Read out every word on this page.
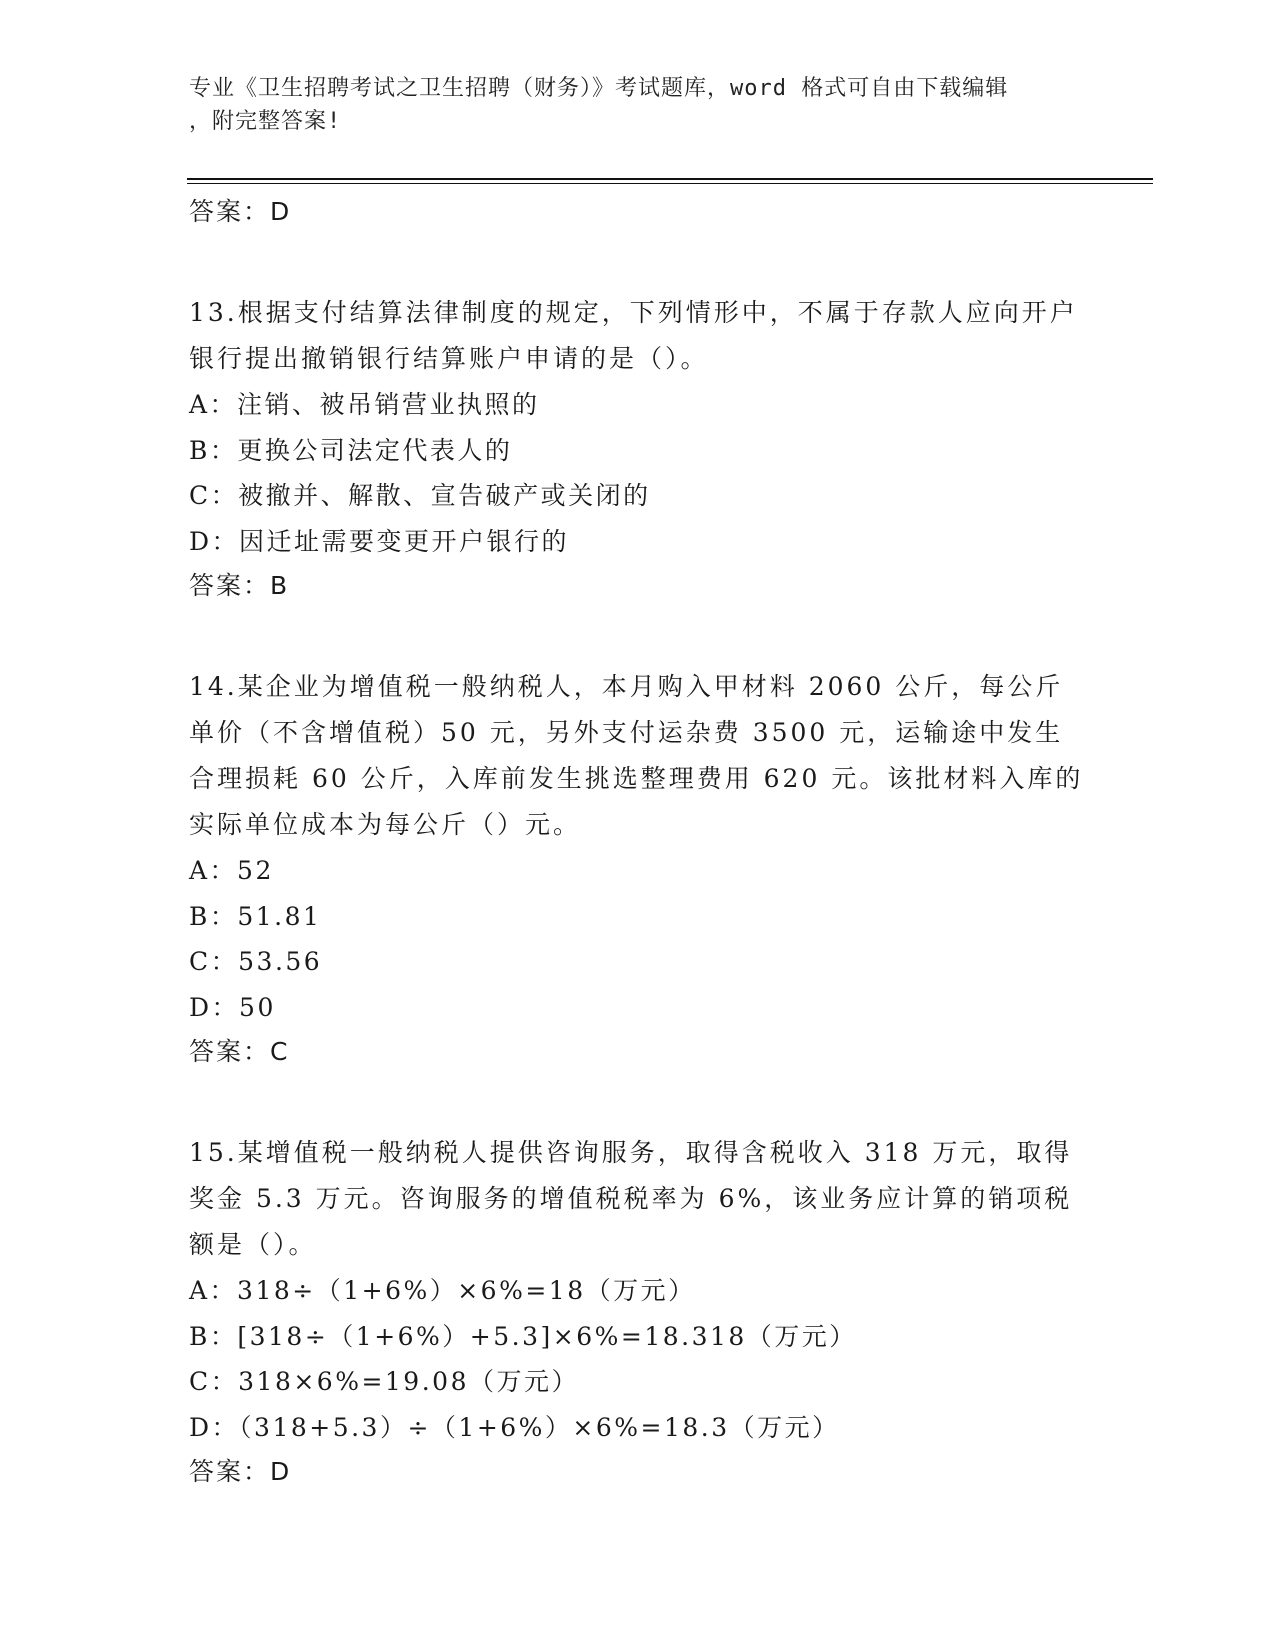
专业《卫生招聘考试之卫生招聘（财务）》考试题库，word 格式可自由下载编辑
，附完整答案!
答案：D

13.根据支付结算法律制度的规定，下列情形中，不属于存款人应向开户银行提出撤销银行结算账户申请的是（）。

A：注销、被吊销营业执照的
B：更换公司法定代表人的
C：被撤并、解散、宣告破产或关闭的
D：因迁址需要变更开户银行的
答案：B

14.某企业为增值税一般纳税人，本月购入甲材料 2060 公斤，每公斤单价（不含增值税）50 元，另外支付运杂费 3500 元，运输途中发生合理损耗 60 公斤，入库前发生挑选整理费用 620 元。该批材料入库的实际单位成本为每公斤（）元。

A：52
B：51.81
C：53.56
D：50
答案：C

15.某增值税一般纳税人提供咨询服务，取得含税收入 318 万元，取得奖金 5.3 万元。咨询服务的增值税税率为 6%，该业务应计算的销项税额是（）。

A：318÷（1+6%）×6%=18（万元）
B：[318÷（1+6%）+5.3]×6%=18.318（万元）
C：318×6%=19.08（万元）
D：（318+5.3）÷（1+6%）×6%=18.3（万元）
答案：D
